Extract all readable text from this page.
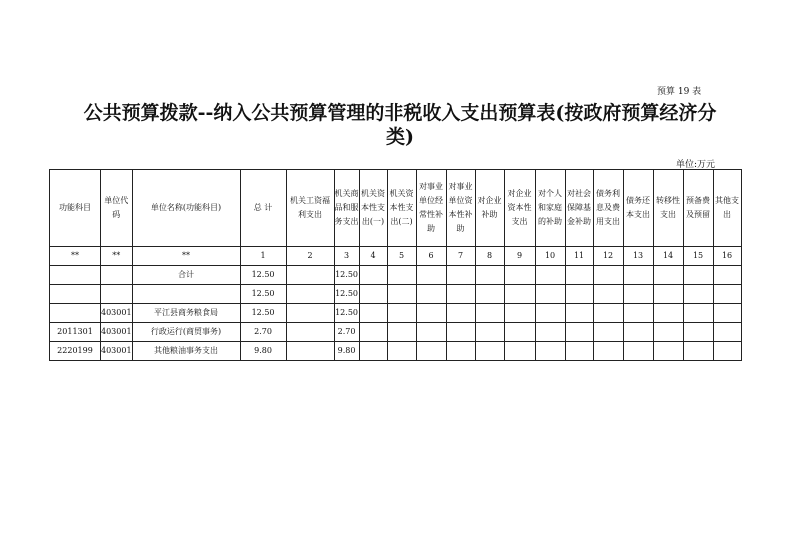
预算 19 表
公共预算拨款--纳入公共预算管理的非税收入支出预算表(按政府预算经济分类)
单位:万元
功能科目	单位代码	单位名称(功能科目)	总 计	机关工资福利支出	机关商品和服务支出	机关资本性支出(一)	机关资本性支出(二)	对事业单位经常性补助	对事业单位资本性补助	对企业补助	对企业资本性支出	对个人和家庭的补助	对社会保障基金补助	债务利息及费用支出	债务还本支出	转移性支出	预备费及预留	其他支出
**	**	**	1	2	3	4	5	6	7	8	9	10	11	12	13	14	15	16
		合计	12.50		12.50													
			12.50		12.50													
	403001	平江县商务粮食局	12.50		12.50													
2011301	403001	行政运行(商贸事务)	2.70		2.70													
2220199	403001	其他粮油事务支出	9.80		9.80													
